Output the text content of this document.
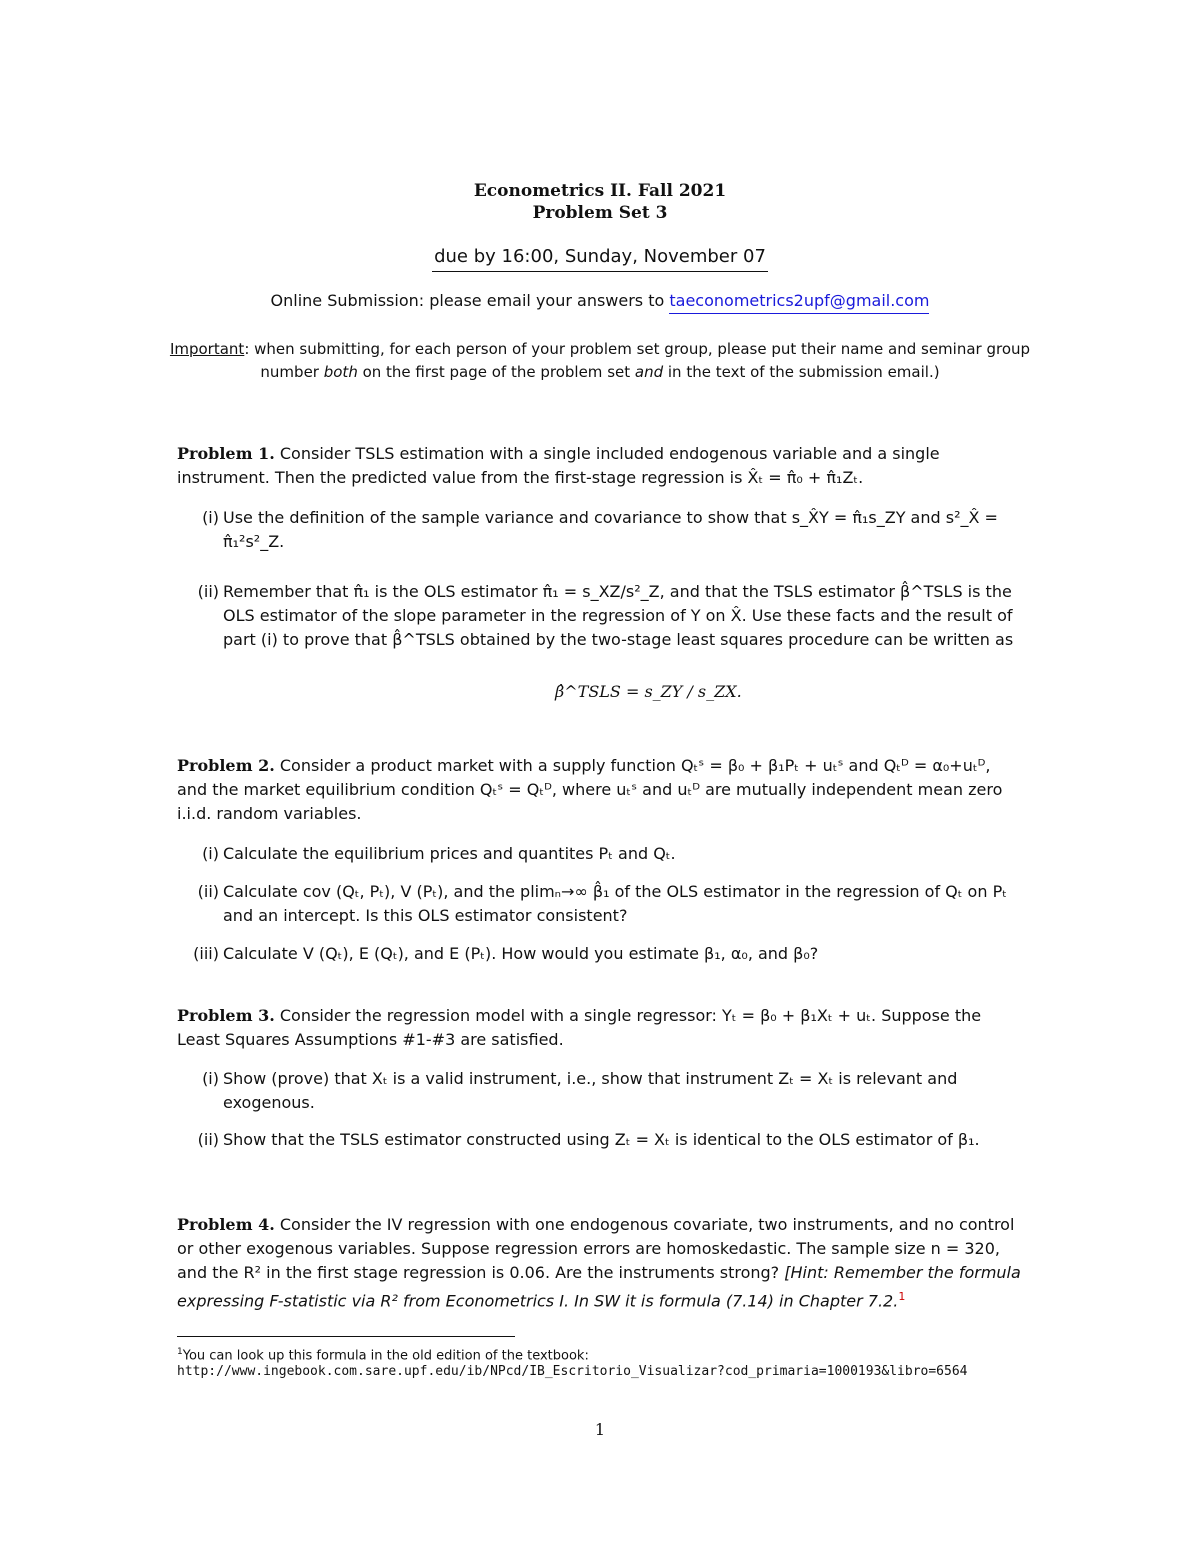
Econometrics II. Fall 2021
Problem Set 3
due by 16:00, Sunday, November 07
Online Submission: please email your answers to taeconometrics2upf@gmail.com
Important: when submitting, for each person of your problem set group, please put their name and seminar group number both on the first page of the problem set and in the text of the submission email.)
Problem 1. Consider TSLS estimation with a single included endogenous variable and a single instrument. Then the predicted value from the first-stage regression is X̂ₜ = π̂₀ + π̂₁Zₜ.
(i) Use the definition of the sample variance and covariance to show that s_X̂Y = π̂₁s_ZY and s²_X̂ = π̂₁²s²_Z.
(ii) Remember that π̂₁ is the OLS estimator π̂₁ = s_XZ/s²_Z, and that the TSLS estimator β̂^TSLS is the OLS estimator of the slope parameter in the regression of Y on X̂. Use these facts and the result of part (i) to prove that β̂^TSLS obtained by the two-stage least squares procedure can be written as
β̂^TSLS = s_ZY / s_ZX.
Problem 2. Consider a product market with a supply function Qₜˢ = β₀ + β₁Pₜ + uₜˢ and Qₜᴰ = α₀+uₜᴰ, and the market equilibrium condition Qₜˢ = Qₜᴰ, where uₜˢ and uₜᴰ are mutually independent mean zero i.i.d. random variables.
(i) Calculate the equilibrium prices and quantites Pₜ and Qₜ.
(ii) Calculate cov (Qₜ, Pₜ), V (Pₜ), and the plimₙ→∞ β̂₁ of the OLS estimator in the regression of Qₜ on Pₜ and an intercept. Is this OLS estimator consistent?
(iii) Calculate V (Qₜ), E (Qₜ), and E (Pₜ). How would you estimate β₁, α₀, and β₀?
Problem 3. Consider the regression model with a single regressor: Yₜ = β₀ + β₁Xₜ + uₜ. Suppose the Least Squares Assumptions #1-#3 are satisfied.
(i) Show (prove) that Xₜ is a valid instrument, i.e., show that instrument Zₜ = Xₜ is relevant and exogenous.
(ii) Show that the TSLS estimator constructed using Zₜ = Xₜ is identical to the OLS estimator of β₁.
Problem 4. Consider the IV regression with one endogenous covariate, two instruments, and no control or other exogenous variables. Suppose regression errors are homoskedastic. The sample size n = 320, and the R² in the first stage regression is 0.06. Are the instruments strong? [Hint: Remember the formula expressing F-statistic via R² from Econometrics I. In SW it is formula (7.14) in Chapter 7.2.$^1$
$^1$You can look up this formula in the old edition of the textbook:
http://www.ingebook.com.sare.upf.edu/ib/NPcd/IB_Escritorio_Visualizar?cod_primaria=1000193&libro=6564
1
